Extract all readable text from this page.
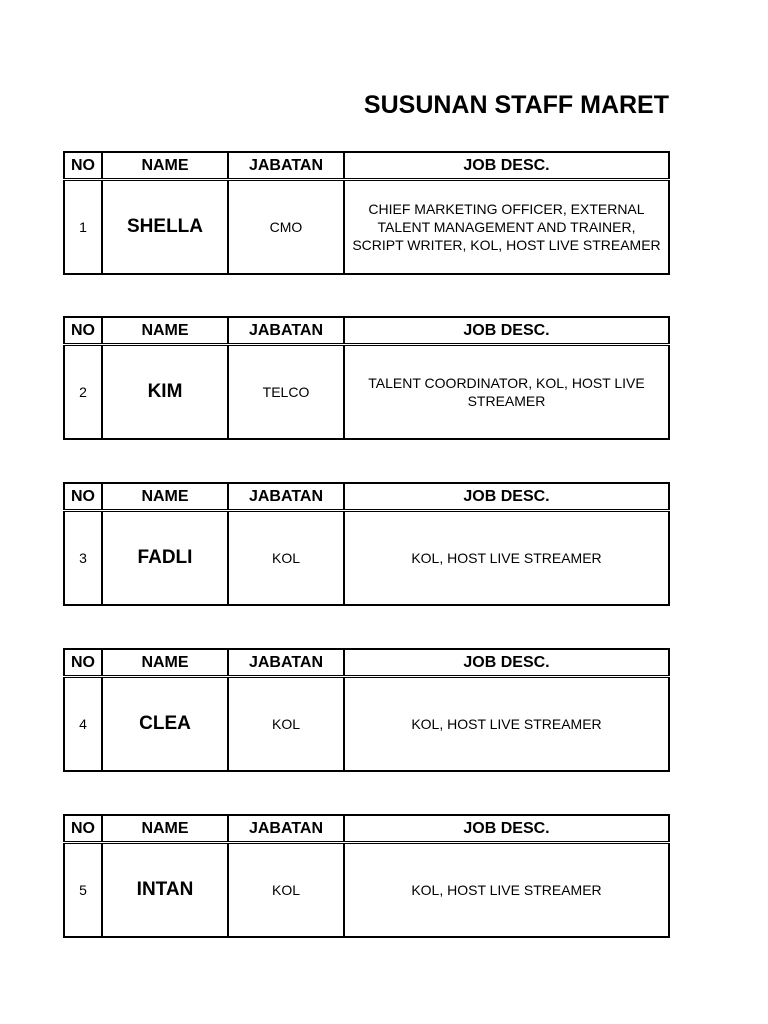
SUSUNAN STAFF MARET
NO	NAME	JABATAN	JOB DESC.
1	SHELLA	CMO	CHIEF MARKETING OFFICER, EXTERNAL
TALENT MANAGEMENT AND TRAINER,
SCRIPT WRITER, KOL, HOST LIVE STREAMER
NO	NAME	JABATAN	JOB DESC.
2	KIM	TELCO	TALENT COORDINATOR, KOL, HOST LIVE
STREAMER
NO	NAME	JABATAN	JOB DESC.
3	FADLI	KOL	KOL, HOST LIVE STREAMER
NO	NAME	JABATAN	JOB DESC.
4	CLEA	KOL	KOL, HOST LIVE STREAMER
NO	NAME	JABATAN	JOB DESC.
5	INTAN	KOL	KOL, HOST LIVE STREAMER
